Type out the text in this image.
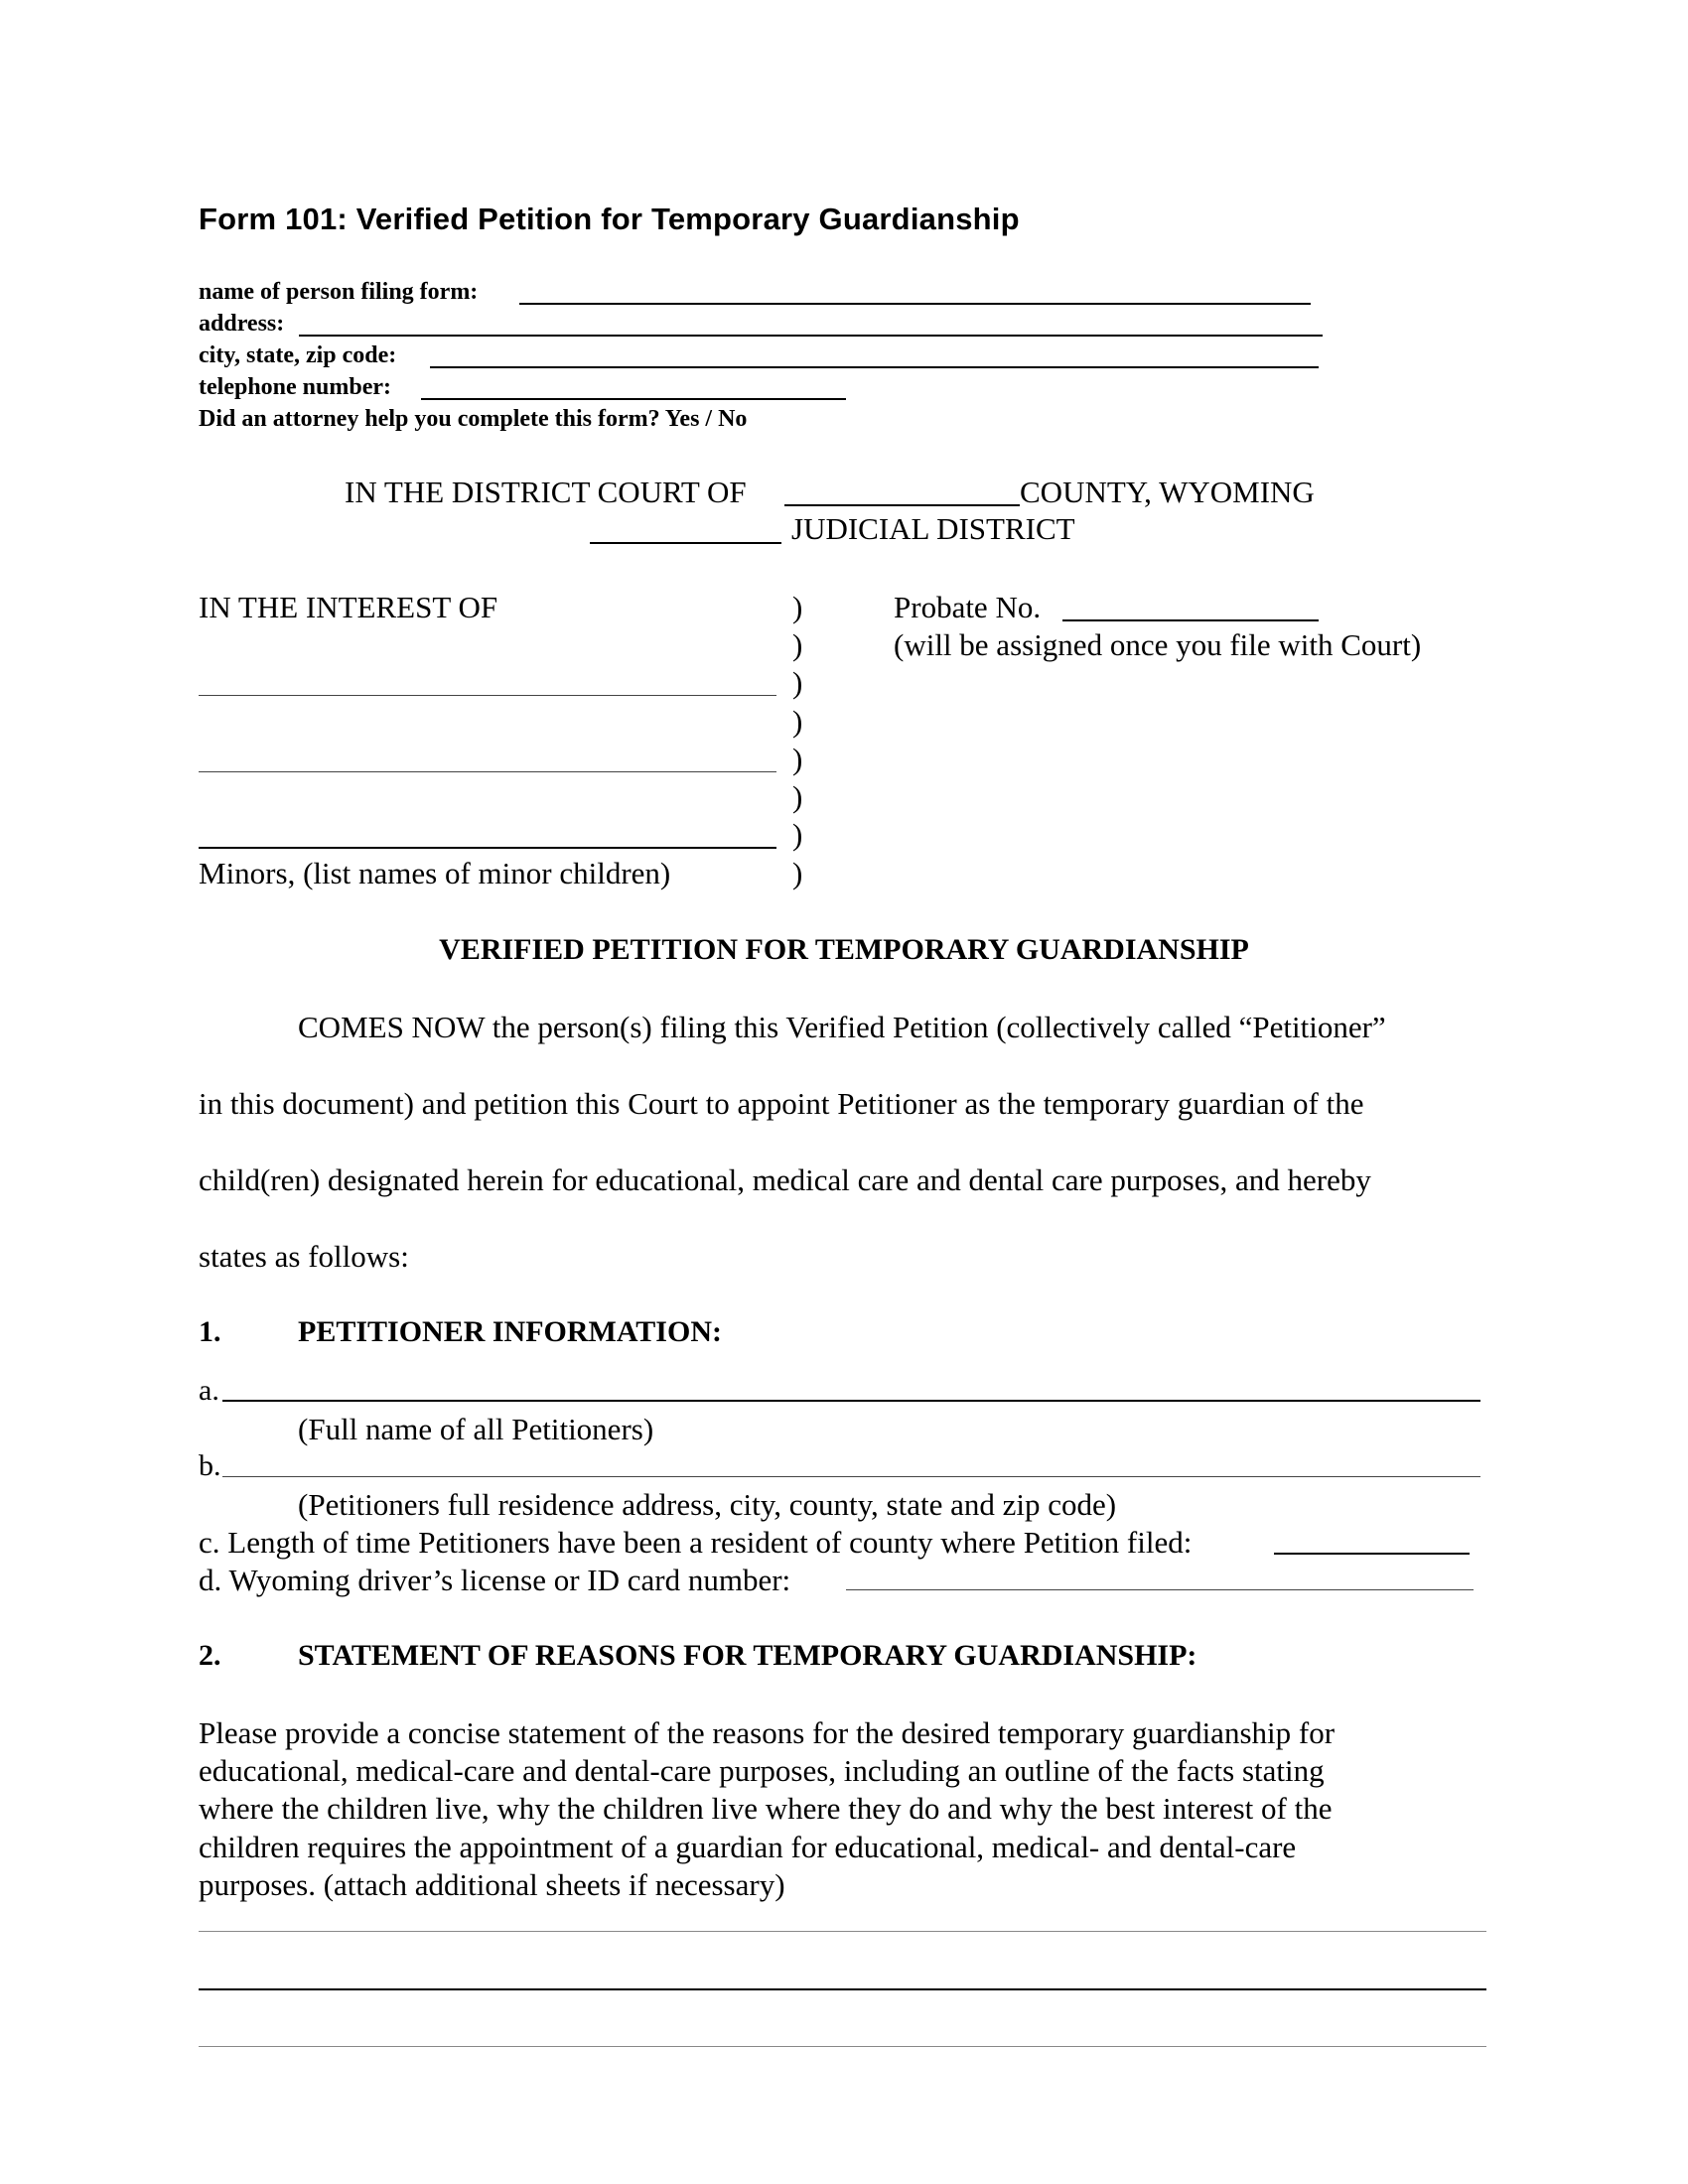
Form 101: Verified Petition for Temporary Guardianship
name of person filing form:
address:
city, state, zip code:
telephone number:
Did an attorney help you complete this form? Yes / No
IN THE DISTRICT COURT OF	COUNTY, WYOMING
JUDICIAL DISTRICT
IN THE INTEREST OF
Minors, (list names of minor children)
)
)
)
)
)
)
)
)
Probate No.
(will be assigned once you file with Court)
VERIFIED PETITION FOR TEMPORARY GUARDIANSHIP
COMES NOW the person(s) filing this Verified Petition (collectively called “Petitioner”
in this document) and petition this Court to appoint Petitioner as the temporary guardian of the
child(ren) designated herein for educational, medical care and dental care purposes, and hereby
states as follows:
1.	PETITIONER INFORMATION:
a.
(Full name of all Petitioners)
b.
(Petitioners full residence address, city, county, state and zip code)
c. Length of time Petitioners have been a resident of county where Petition filed:
d. Wyoming driver’s license or ID card number:
2.	STATEMENT OF REASONS FOR TEMPORARY GUARDIANSHIP:
Please provide a concise statement of the reasons for the desired temporary guardianship for
educational, medical-care and dental-care purposes, including an outline of the facts stating
where the children live, why the children live where they do and why the best interest of the
children requires the appointment of a guardian for educational, medical- and dental-care
purposes. (attach additional sheets if necessary)
